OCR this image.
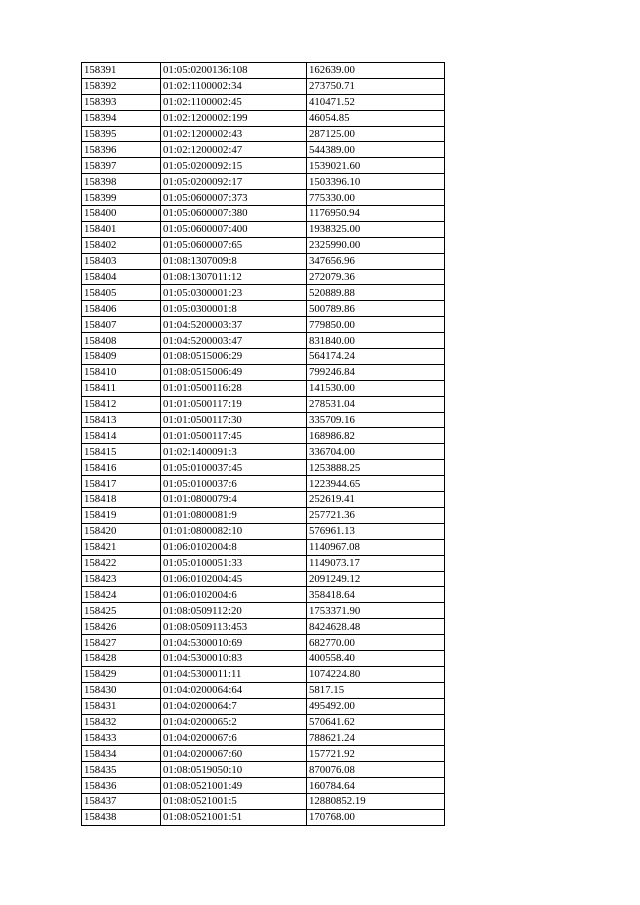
158391	01:05:0200136:108	162639.00
158392	01:02:1100002:34	273750.71
158393	01:02:1100002:45	410471.52
158394	01:02:1200002:199	46054.85
158395	01:02:1200002:43	287125.00
158396	01:02:1200002:47	544389.00
158397	01:05:0200092:15	1539021.60
158398	01:05:0200092:17	1503396.10
158399	01:05:0600007:373	775330.00
158400	01:05:0600007:380	1176950.94
158401	01:05:0600007:400	1938325.00
158402	01:05:0600007:65	2325990.00
158403	01:08:1307009:8	347656.96
158404	01:08:1307011:12	272079.36
158405	01:05:0300001:23	520889.88
158406	01:05:0300001:8	500789.86
158407	01:04:5200003:37	779850.00
158408	01:04:5200003:47	831840.00
158409	01:08:0515006:29	564174.24
158410	01:08:0515006:49	799246.84
158411	01:01:0500116:28	141530.00
158412	01:01:0500117:19	278531.04
158413	01:01:0500117:30	335709.16
158414	01:01:0500117:45	168986.82
158415	01:02:1400091:3	336704.00
158416	01:05:0100037:45	1253888.25
158417	01:05:0100037:6	1223944.65
158418	01:01:0800079:4	252619.41
158419	01:01:0800081:9	257721.36
158420	01:01:0800082:10	576961.13
158421	01:06:0102004:8	1140967.08
158422	01:05:0100051:33	1149073.17
158423	01:06:0102004:45	2091249.12
158424	01:06:0102004:6	358418.64
158425	01:08:0509112:20	1753371.90
158426	01:08:0509113:453	8424628.48
158427	01:04:5300010:69	682770.00
158428	01:04:5300010:83	400558.40
158429	01:04:5300011:11	1074224.80
158430	01:04:0200064:64	5817.15
158431	01:04:0200064:7	495492.00
158432	01:04:0200065:2	570641.62
158433	01:04:0200067:6	788621.24
158434	01:04:0200067:60	157721.92
158435	01:08:0519050:10	870076.08
158436	01:08:0521001:49	160784.64
158437	01:08:0521001:5	12880852.19
158438	01:08:0521001:51	170768.00
